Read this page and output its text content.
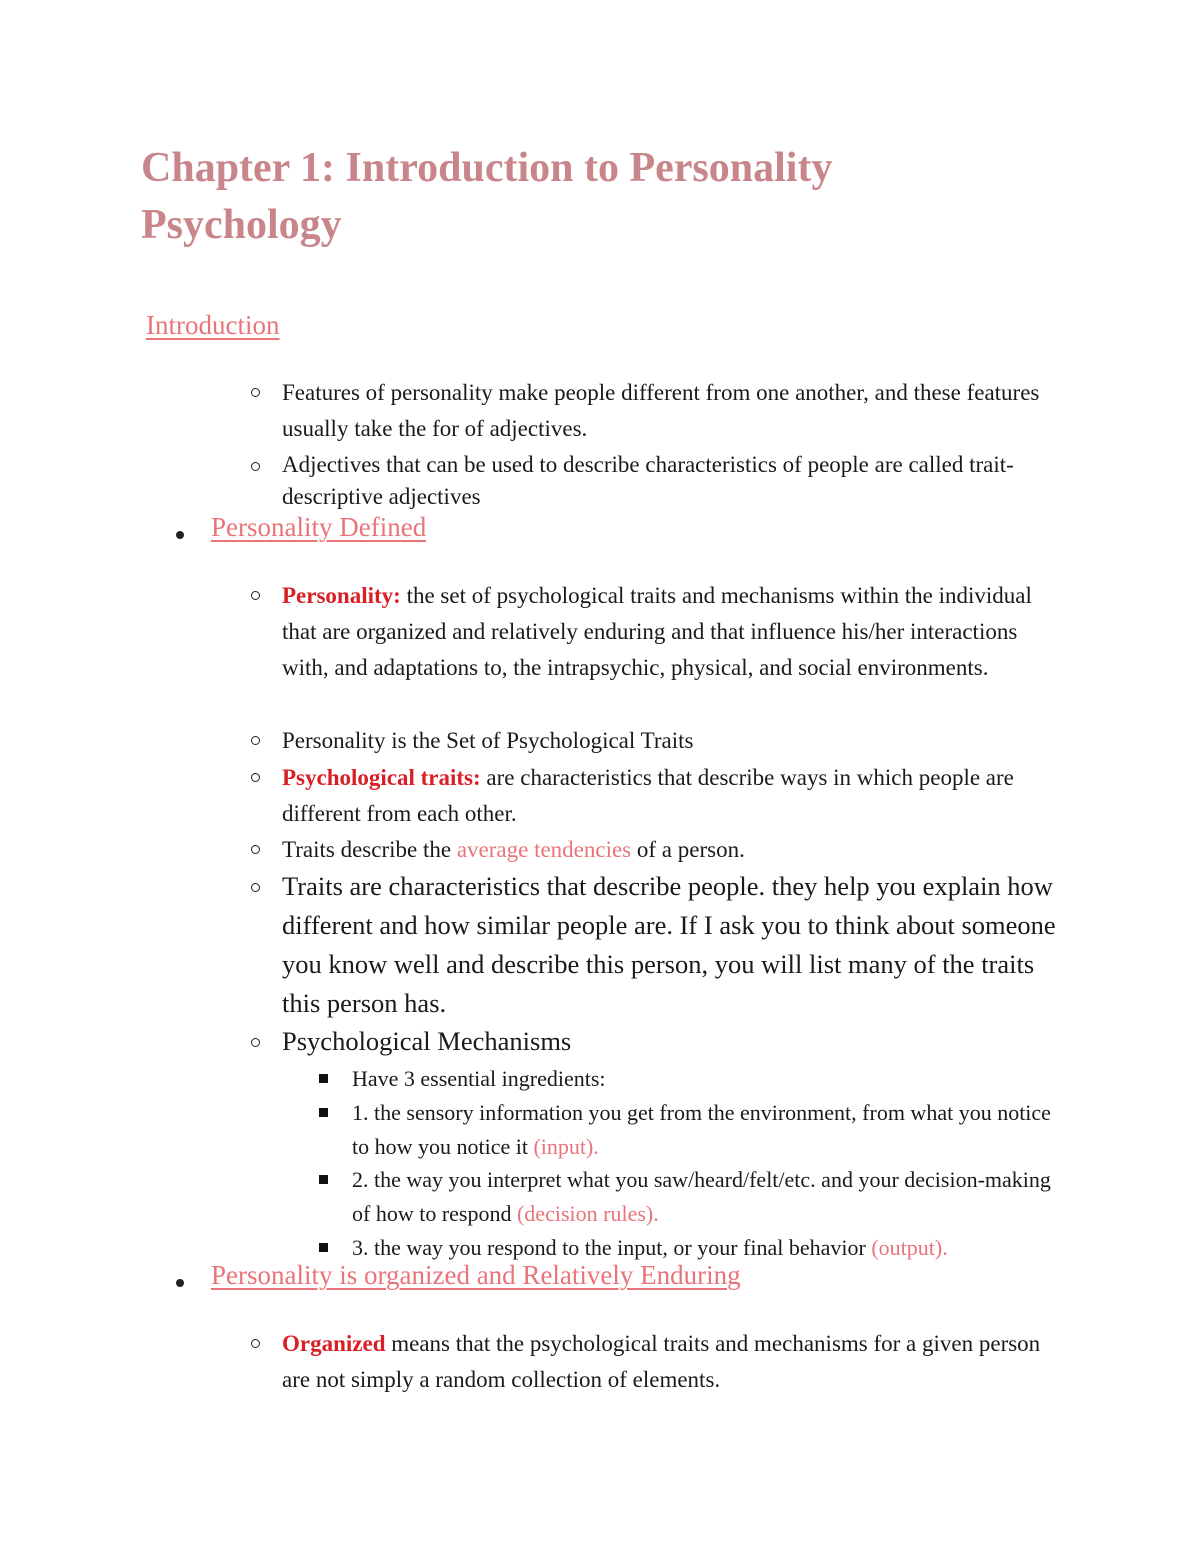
Chapter 1: Introduction to Personality Psychology
Introduction
Features of personality make people different from one another, and these features usually take the for of adjectives.
Adjectives that can be used to describe characteristics of people are called trait-descriptive adjectives
Personality Defined
Personality: the set of psychological traits and mechanisms within the individual that are organized and relatively enduring and that influence his/her interactions with, and adaptations to, the intrapsychic, physical, and social environments.
Personality is the Set of Psychological Traits
Psychological traits: are characteristics that describe ways in which people are different from each other.
Traits describe the average tendencies of a person.
Traits are characteristics that describe people. they help you explain how different and how similar people are. If I ask you to think about someone you know well and describe this person, you will list many of the traits this person has.
Psychological Mechanisms
Have 3 essential ingredients:
1. the sensory information you get from the environment, from what you notice to how you notice it (input).
2. the way you interpret what you saw/heard/felt/etc. and your decision-making of how to respond (decision rules).
3. the way you respond to the input, or your final behavior (output).
Personality is organized and Relatively Enduring
Organized means that the psychological traits and mechanisms for a given person are not simply a random collection of elements.
